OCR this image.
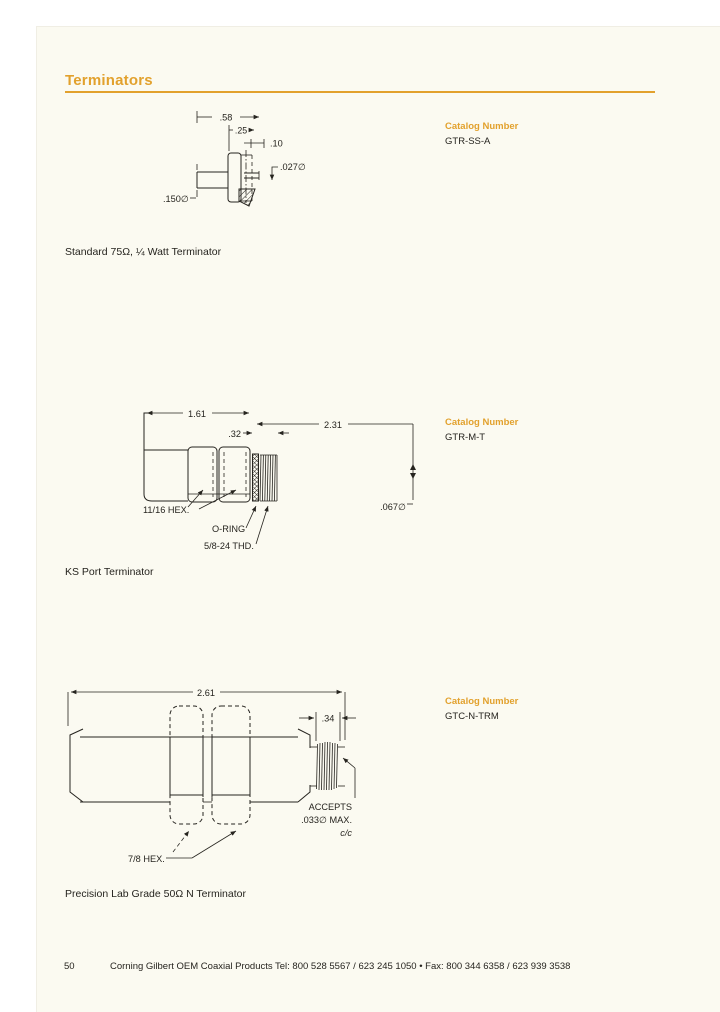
Terminators
.58
.25
.10
.027∅
.150∅
Catalog Number
GTR-SS-A
Standard 75Ω, ¼ Watt Terminator
1.61
2.31
.32
.067∅
11/16 HEX.
O-RING
5/8-24 THD.
Catalog Number
GTR-M-T
KS Port Terminator
2.61
.34
ACCEPTS
.033∅ MAX.
c/c
7/8 HEX.
Catalog Number
GTC-N-TRM
Precision Lab Grade 50Ω N Terminator
50	Corning Gilbert OEM Coaxial Products Tel: 800 528 5567 / 623 245 1050 • Fax: 800 344 6358 / 623 939 3538
